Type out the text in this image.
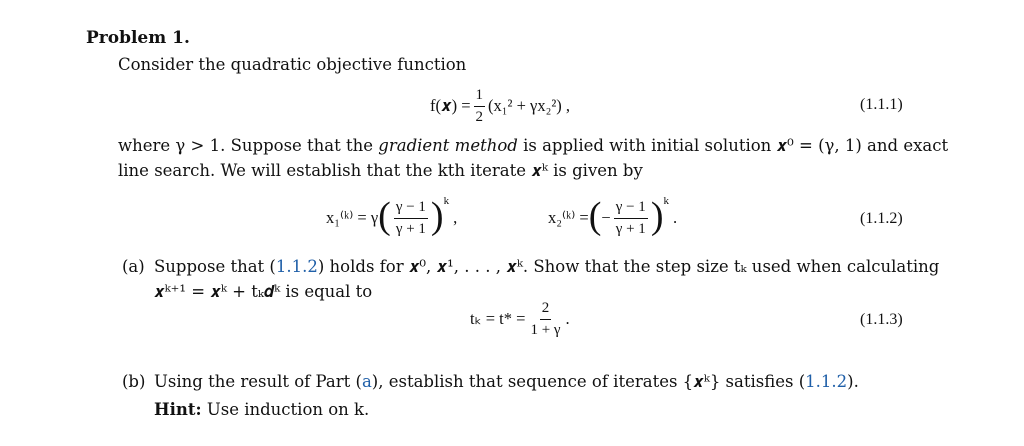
Problem 1.
Consider the quadratic objective function
f(𝒙) = $\frac{1}{2} (x_1^2 + \gamma x_2^2)$ ,	(1.1.1)
where γ > 1. Suppose that the gradient method is applied with initial solution 𝒙⁰ = (γ, 1) and exact
line search. We will establish that the kth iterate 𝒙ᵏ is given by
x₁⁽ᵏ⁾ = γ ( $\frac{\gamma - 1}{\gamma + 1}$ ) k
,	x₂⁽ᵏ⁾ = ( − $\frac{\gamma - 1}{\gamma + 1}$ ) k
.	(1.1.2)
(a) Suppose that (1.1.2) holds for 𝒙⁰, 𝒙¹, . . . , 𝒙ᵏ. Show that the step size tₖ used when calculating
𝒙ᵏ⁺¹ = 𝒙ᵏ + tₖ𝒅ᵏ is equal to
$t_k = t* = \frac{2}{1 + \gamma}$ .	(1.1.3)
(b) Using the result of Part (a), establish that sequence of iterates {𝒙ᵏ} satisfies (1.1.2).
Hint: Use induction on k.
